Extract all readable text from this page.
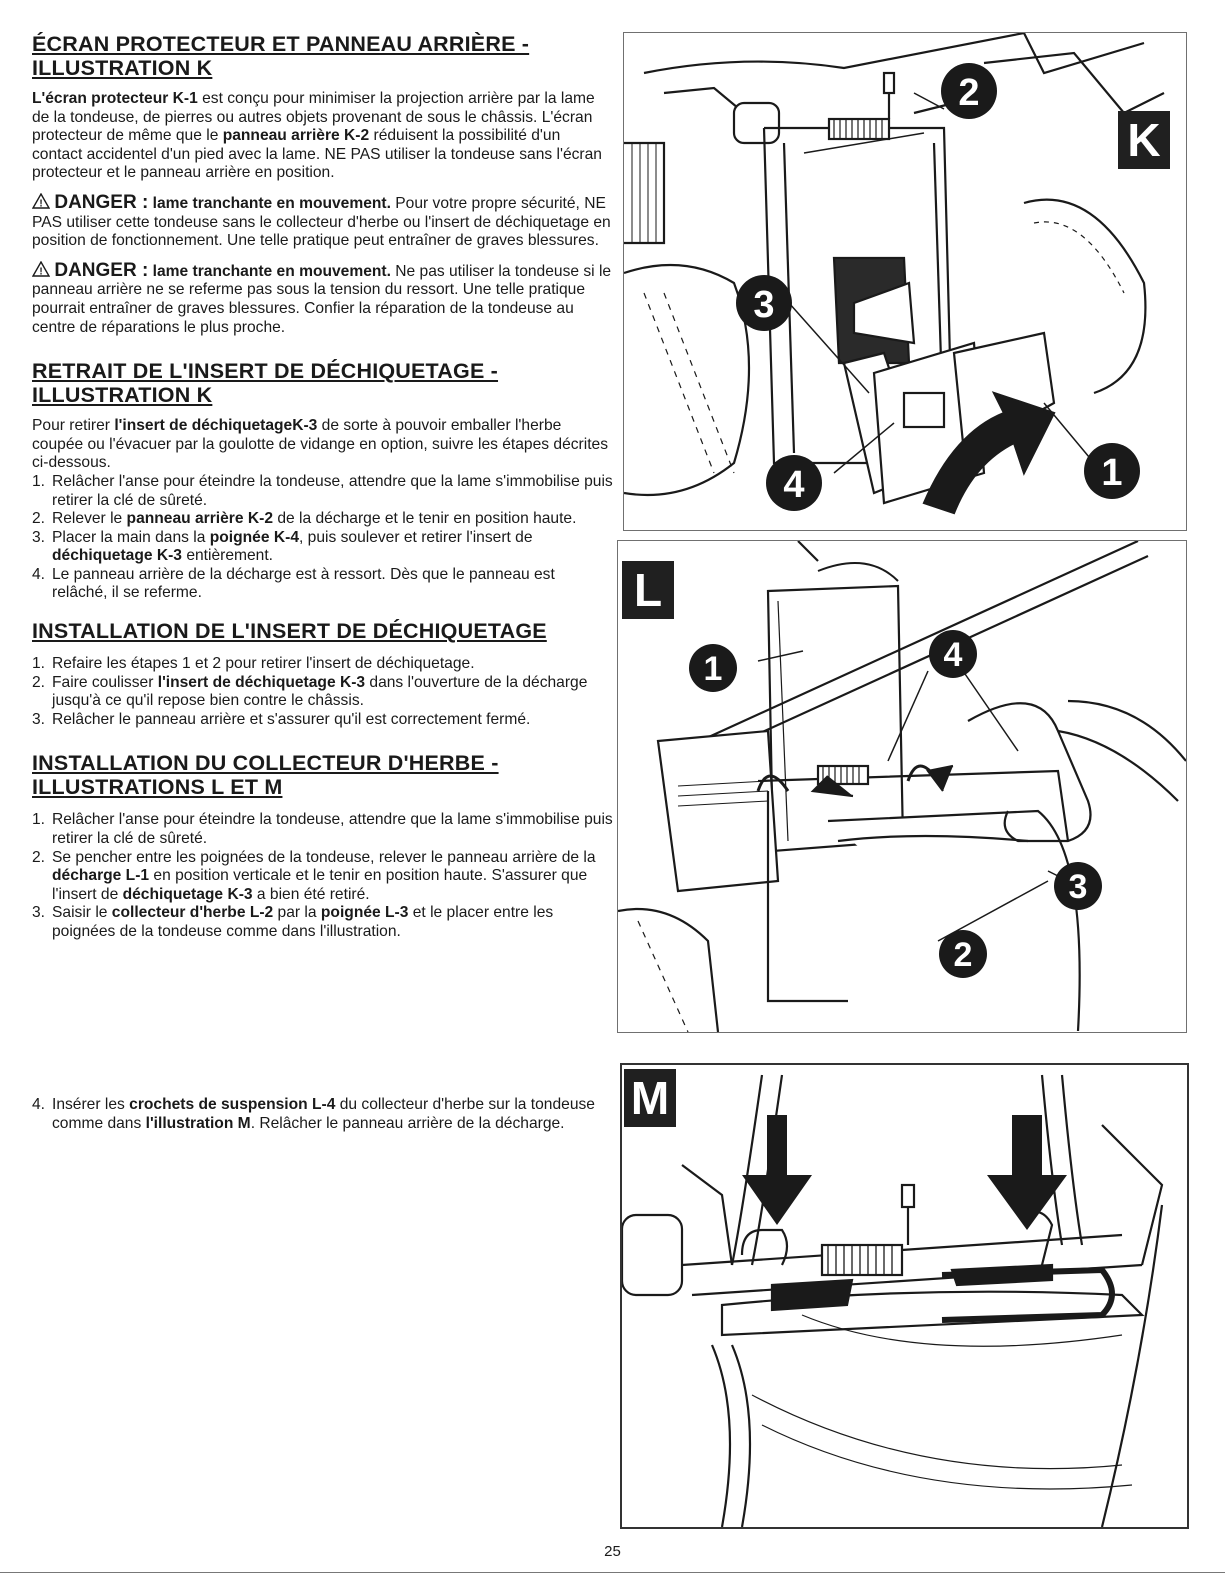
ÉCRAN PROTECTEUR ET PANNEAU ARRIÈRE -
ILLUSTRATION K

L'écran protecteur K-1 est conçu pour minimiser la projection arrière par la lame de la tondeuse, de pierres ou autres objets provenant de sous le châssis. L'écran protecteur de même que le panneau arrière K-2 réduisent la possibilité d'un contact accidentel d'un pied avec la lame. NE PAS utiliser la tondeuse sans l'écran protecteur et le panneau arrière en position.

! DANGER : lame tranchante en mouvement. Pour votre propre sécurité, NE PAS utiliser cette tondeuse sans le collecteur d'herbe ou l'insert de déchiquetage en position de fonctionnement. Une telle pratique peut entraîner de graves blessures.

! DANGER : lame tranchante en mouvement. Ne pas utiliser la tondeuse si le panneau arrière ne se referme pas sous la tension du ressort. Une telle pratique pourrait entraîner de graves blessures. Confier la réparation de la tondeuse au centre de réparations le plus proche.

RETRAIT DE L'INSERT DE DÉCHIQUETAGE -
ILLUSTRATION K

Pour retirer l'insert de déchiquetageK-3 de sorte à pouvoir emballer l'herbe coupée ou l'évacuer par la goulotte de vidange en option, suivre les étapes décrites ci-dessous.

1. Relâcher l'anse pour éteindre la tondeuse, attendre que la lame s'immobilise puis retirer la clé de sûreté.
2. Relever le panneau arrière K-2 de la décharge et le tenir en position haute.
3. Placer la main dans la poignée K-4, puis soulever et retirer l'insert de déchiquetage K-3 entièrement.
4. Le panneau arrière de la décharge est à ressort. Dès que le panneau est relâché, il se referme.
INSTALLATION DE L'INSERT DE DÉCHIQUETAGE
1. Refaire les étapes 1 et 2 pour retirer l'insert de déchiquetage.
2. Faire coulisser l'insert de déchiquetage K-3 dans l'ouverture de la décharge jusqu'à ce qu'il repose bien contre le châssis.
3. Relâcher le panneau arrière et s'assurer qu'il est correctement fermé.
INSTALLATION DU COLLECTEUR D'HERBE -
ILLUSTRATIONS L ET M
1. Relâcher l'anse pour éteindre la tondeuse, attendre que la lame s'immobilise puis retirer la clé de sûreté.
2. Se pencher entre les poignées de la tondeuse, relever le panneau arrière de la décharge L-1 en position verticale et le tenir en position haute. S'assurer que l'insert de déchiquetage K-3 a bien été retiré.
3. Saisir le collecteur d'herbe L-2 par la poignée L-3 et le placer entre les poignées de la tondeuse comme dans l'illustration.
4. Insérer les crochets de suspension L-4 du collecteur d'herbe sur la tondeuse comme dans l'illustration M. Relâcher le panneau arrière de la décharge.
2
3
4	1
K
1	4
3
2
L
M
25
